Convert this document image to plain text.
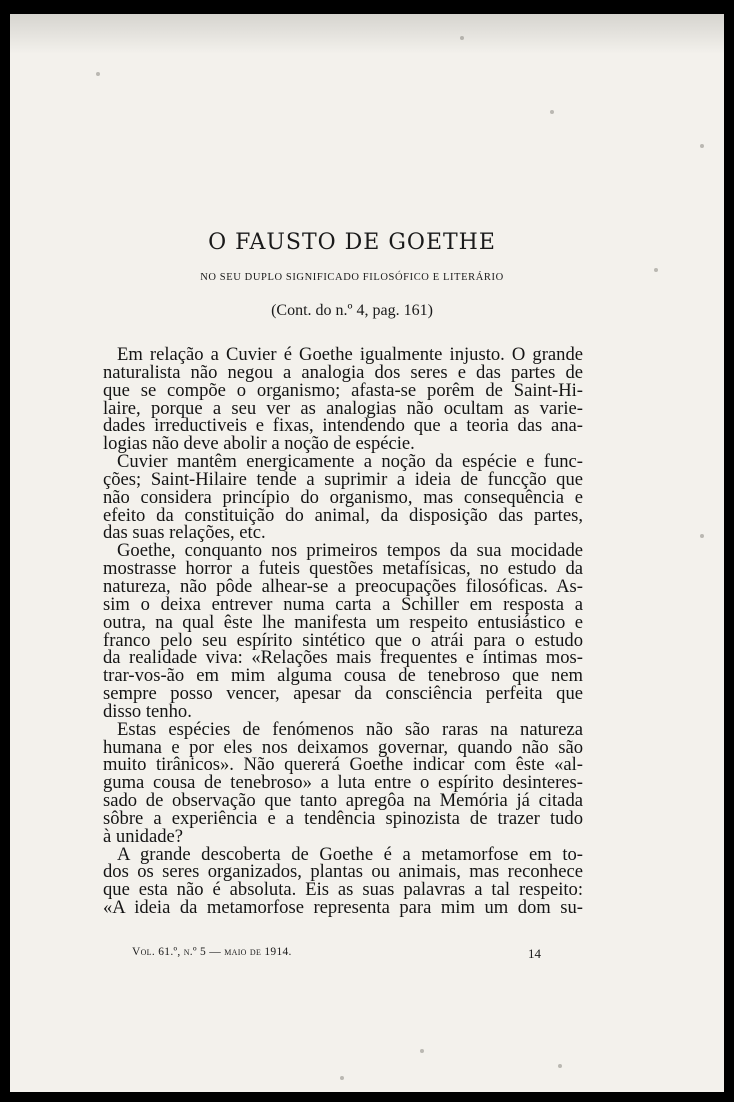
O FAUSTO DE GOETHE
NO SEU DUPLO SIGNIFICADO FILOSÓFICO E LITERÁRIO
(Cont. do n.º 4, pag. 161)
Em relação a Cuvier é Goethe igualmente injusto. O grande
naturalista não negou a analogia dos seres e das partes de
que se compõe o organismo; afasta-se porêm de Saint-Hi-
laire, porque a seu ver as analogias não ocultam as varie-
dades irreductiveis e fixas, intendendo que a teoria das ana-
logias não deve abolir a noção de espécie.
Cuvier mantêm energicamente a noção da espécie e func-
ções; Saint-Hilaire tende a suprimir a ideia de funcção que
não considera princípio do organismo, mas consequência e
efeito da constituição do animal, da disposição das partes,
das suas relações, etc.
Goethe, conquanto nos primeiros tempos da sua mocidade
mostrasse horror a futeis questões metafísicas, no estudo da
natureza, não pôde alhear-se a preocupações filosóficas. As-
sim o deixa entrever numa carta a Schiller em resposta a
outra, na qual êste lhe manifesta um respeito entusiástico e
franco pelo seu espírito sintético que o atrái para o estudo
da realidade viva: «Relações mais frequentes e íntimas mos-
trar-vos-ão em mim alguma cousa de tenebroso que nem
sempre posso vencer, apesar da consciência perfeita que
disso tenho.
Estas espécies de fenómenos não são raras na natureza
humana e por eles nos deixamos governar, quando não são
muito tirânicos». Não quererá Goethe indicar com êste «al-
guma cousa de tenebroso» a luta entre o espírito desinteres-
sado de observação que tanto apregôa na Memória já citada
sôbre a experiência e a tendência spinozista de trazer tudo
à unidade?
A grande descoberta de Goethe é a metamorfose em to-
dos os seres organizados, plantas ou animais, mas reconhece
que esta não é absoluta. Eis as suas palavras a tal respeito:
«A ideia da metamorfose representa para mim um dom su-
Vol. 61.º, n.º 5 — maio de 1914.	14
